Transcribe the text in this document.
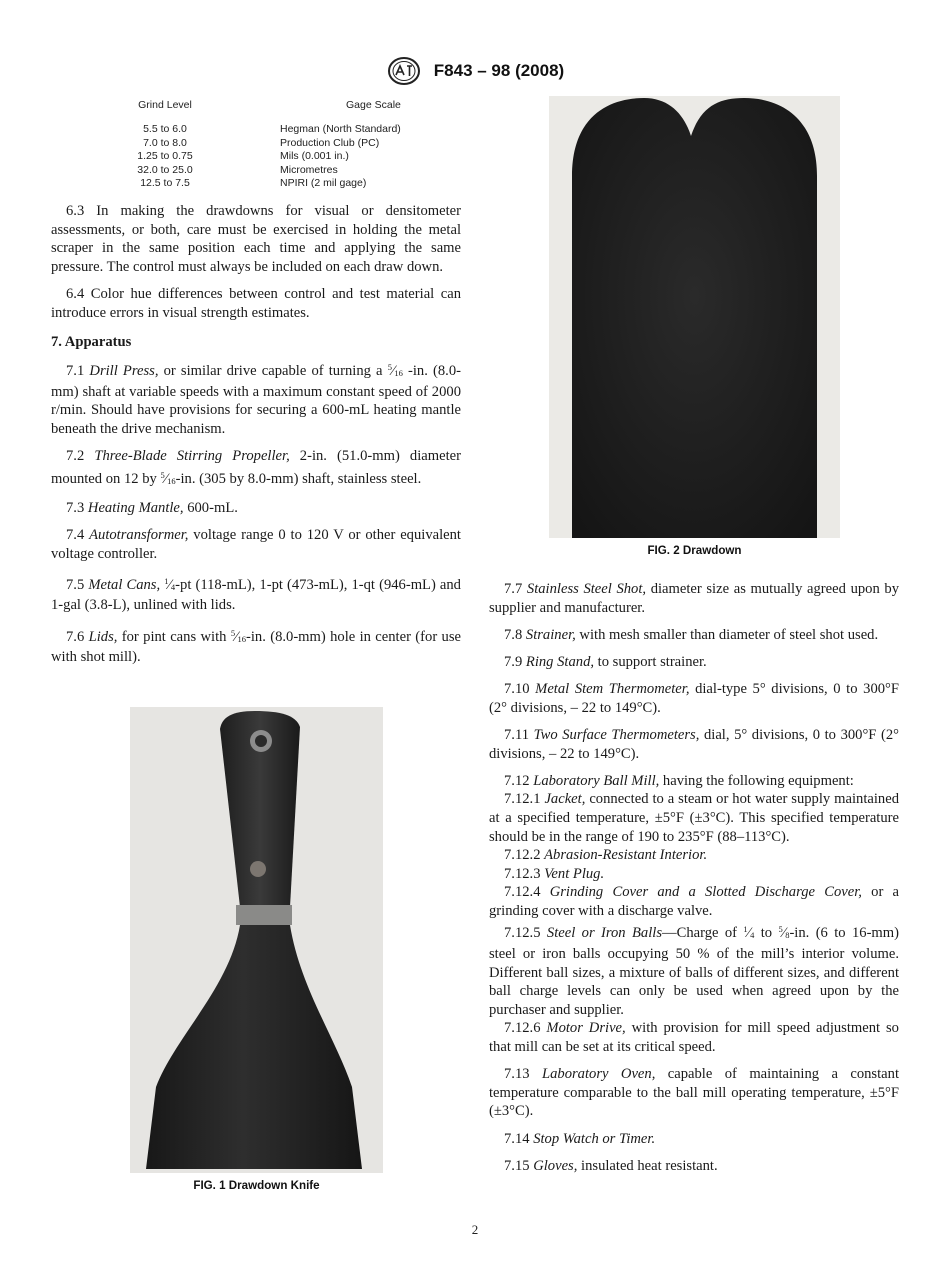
F843 – 98 (2008)
Grind Level	Gage Scale
5.5 to 6.0	Hegman (North Standard)
7.0 to 8.0	Production Club (PC)
1.25 to 0.75	Mils (0.001 in.)
32.0 to 25.0	Micrometres
12.5 to 7.5	NPIRI (2 mil gage)

6.3 In making the drawdowns for visual or densitometer assessments, or both, care must be exercised in holding the metal scraper in the same position each time and applying the same pressure. The control must always be included on each draw down.

6.4 Color hue differences between control and test material can introduce errors in visual strength estimates.

7. Apparatus

7.1 Drill Press, or similar drive capable of turning a $^5$⁄16 -in. (8.0-mm) shaft at variable speeds with a maximum constant speed of 2000 r/min. Should have provisions for securing a 600-mL heating mantle beneath the drive mechanism.

7.2 Three-Blade Stirring Propeller, 2-in. (51.0-mm) diameter mounted on 12 by $^5$⁄16-in. (305 by 8.0-mm) shaft, stainless steel.

7.3 Heating Mantle, 600-mL.

7.4 Autotransformer, voltage range 0 to 120 V or other equivalent voltage controller.

7.5 Metal Cans, $^1$⁄4-pt (118-mL), 1-pt (473-mL), 1-qt (946-mL) and 1-gal (3.8-L), unlined with lids.

7.6 Lids, for pint cans with $^5$⁄16-in. (8.0-mm) hole in center (for use with shot mill).

FIG. 2 Drawdown
FIG. 1 Drawdown Knife

7.7 Stainless Steel Shot, diameter size as mutually agreed upon by supplier and manufacturer.

7.8 Strainer, with mesh smaller than diameter of steel shot used.

7.9 Ring Stand, to support strainer.

7.10 Metal Stem Thermometer, dial-type 5° divisions, 0 to 300°F (2° divisions, – 22 to 149°C).

7.11 Two Surface Thermometers, dial, 5° divisions, 0 to 300°F (2° divisions, – 22 to 149°C).

7.12 Laboratory Ball Mill, having the following equipment:

7.12.1 Jacket, connected to a steam or hot water supply maintained at a specified temperature, ±5°F (±3°C). This specified temperature should be in the range of 190 to 235°F (88–113°C).

7.12.2 Abrasion-Resistant Interior.

7.12.3 Vent Plug.

7.12.4 Grinding Cover and a Slotted Discharge Cover, or a grinding cover with a discharge valve.

7.12.5 Steel or Iron Balls—Charge of $^1$⁄4 to $^5$⁄8-in. (6 to 16-mm) steel or iron balls occupying 50 % of the mill’s interior volume. Different ball sizes, a mixture of balls of different sizes, and different ball charge levels can only be used when agreed upon by the purchaser and supplier.

7.12.6 Motor Drive, with provision for mill speed adjustment so that mill can be set at its critical speed.

7.13 Laboratory Oven, capable of maintaining a constant temperature comparable to the ball mill operating temperature, ±5°F (±3°C).

7.14 Stop Watch or Timer.

7.15 Gloves, insulated heat resistant.

2
